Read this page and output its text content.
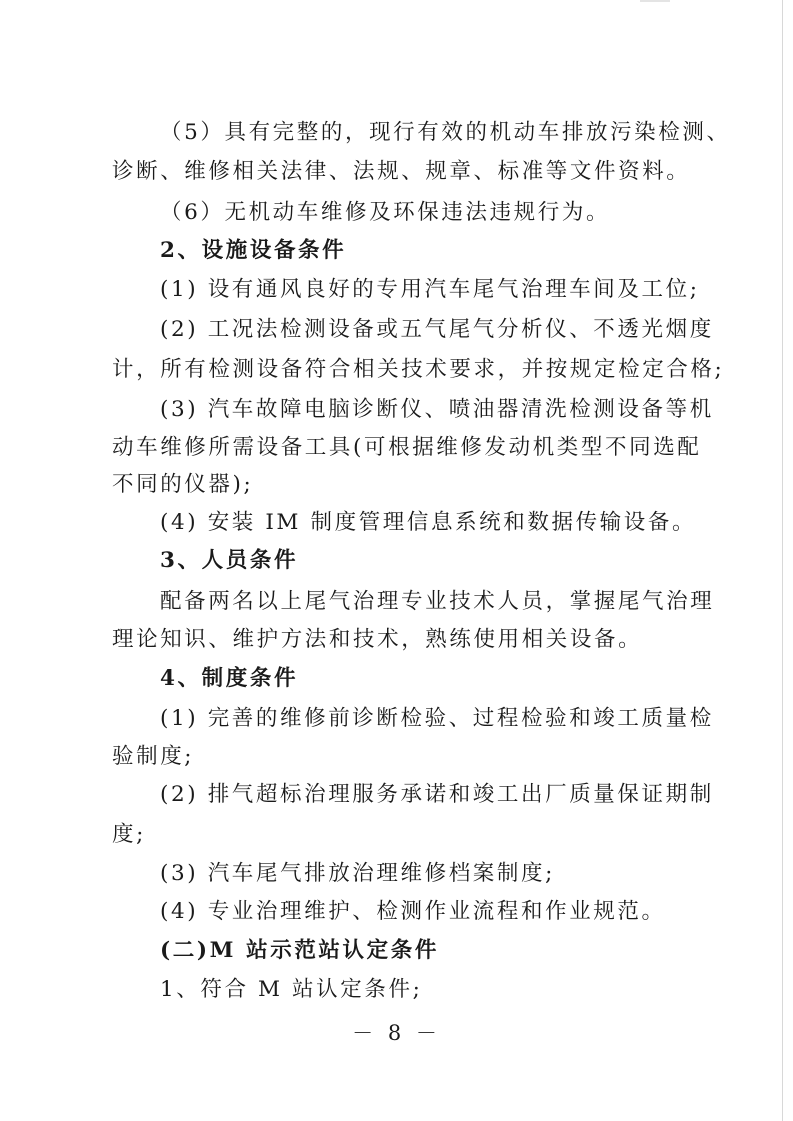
（5）具有完整的，现行有效的机动车排放污染检测、

诊断、维修相关法律、法规、规章、标准等文件资料。

（6）无机动车维修及环保违法违规行为。

2、设施设备条件

(1) 设有通风良好的专用汽车尾气治理车间及工位;

(2) 工况法检测设备或五气尾气分析仪、不透光烟度

计，所有检测设备符合相关技术要求，并按规定检定合格;

(3) 汽车故障电脑诊断仪、喷油器清洗检测设备等机

动车维修所需设备工具(可根据维修发动机类型不同选配

不同的仪器);

(4) 安装 IM 制度管理信息系统和数据传输设备。

3、人员条件

配备两名以上尾气治理专业技术人员，掌握尾气治理

理论知识、维护方法和技术，熟练使用相关设备。

4、制度条件

(1) 完善的维修前诊断检验、过程检验和竣工质量检

验制度;

(2) 排气超标治理服务承诺和竣工出厂质量保证期制

度;

(3) 汽车尾气排放治理维修档案制度;

(4) 专业治理维护、检测作业流程和作业规范。

(二)M 站示范站认定条件

1、符合 M 站认定条件;

－ 8 －
